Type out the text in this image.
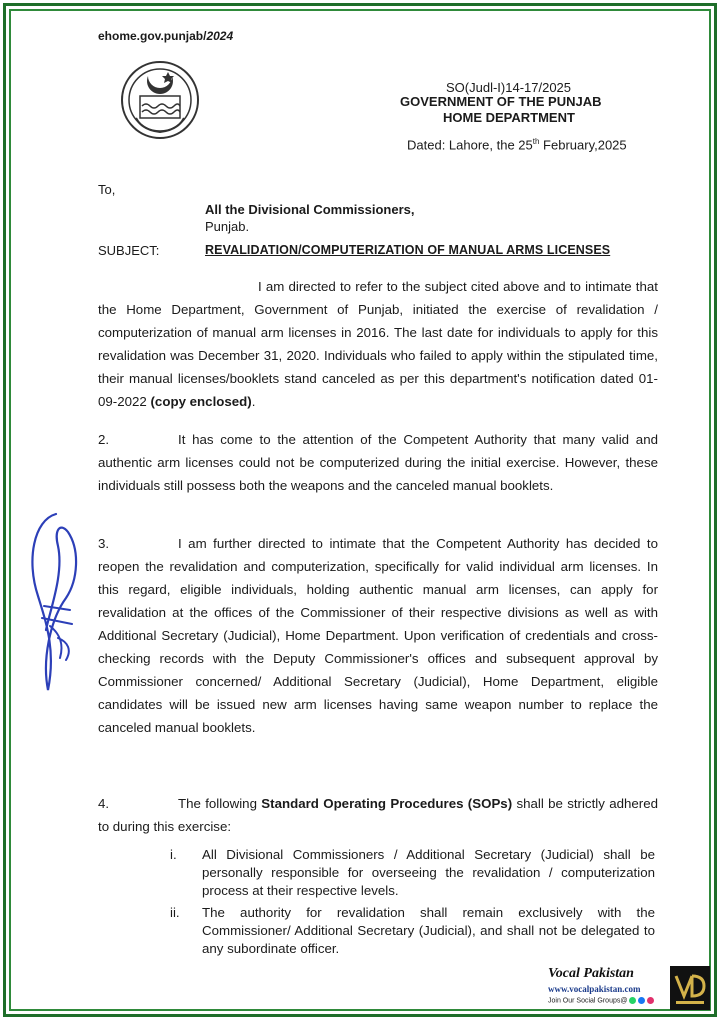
ehome.gov.punjab/2024
SO(Judl-I)14-17/2025
GOVERNMENT OF THE PUNJAB
HOME DEPARTMENT
Dated: Lahore, the 25th February,2025
To,
All the Divisional Commissioners,
Punjab.
SUBJECT:	REVALIDATION/COMPUTERIZATION OF MANUAL ARMS LICENSES
I am directed to refer to the subject cited above and to intimate that the Home Department, Government of Punjab, initiated the exercise of revalidation / computerization of manual arm licenses in 2016. The last date for individuals to apply for this revalidation was December 31, 2020. Individuals who failed to apply within the stipulated time, their manual licenses/booklets stand canceled as per this department's notification dated 01-09-2022 (copy enclosed).
2.	It has come to the attention of the Competent Authority that many valid and authentic arm licenses could not be computerized during the initial exercise. However, these individuals still possess both the weapons and the canceled manual booklets.
3.	I am further directed to intimate that the Competent Authority has decided to reopen the revalidation and computerization, specifically for valid individual arm licenses. In this regard, eligible individuals, holding authentic manual arm licenses, can apply for revalidation at the offices of the Commissioner of their respective divisions as well as with Additional Secretary (Judicial), Home Department. Upon verification of credentials and cross-checking records with the Deputy Commissioner's offices and subsequent approval by Commissioner concerned/ Additional Secretary (Judicial), Home Department, eligible candidates will be issued new arm licenses having same weapon number to replace the canceled manual booklets.
4.	The following Standard Operating Procedures (SOPs) shall be strictly adhered to during this exercise:
i.	All Divisional Commissioners / Additional Secretary (Judicial) shall be personally responsible for overseeing the revalidation / computerization process at their respective levels.
ii.	The authority for revalidation shall remain exclusively with the Commissioner/ Additional Secretary (Judicial), and shall not be delegated to any subordinate officer.
Vocal Pakistan
www.vocalpakistan.com
Join Our Social Groups@
